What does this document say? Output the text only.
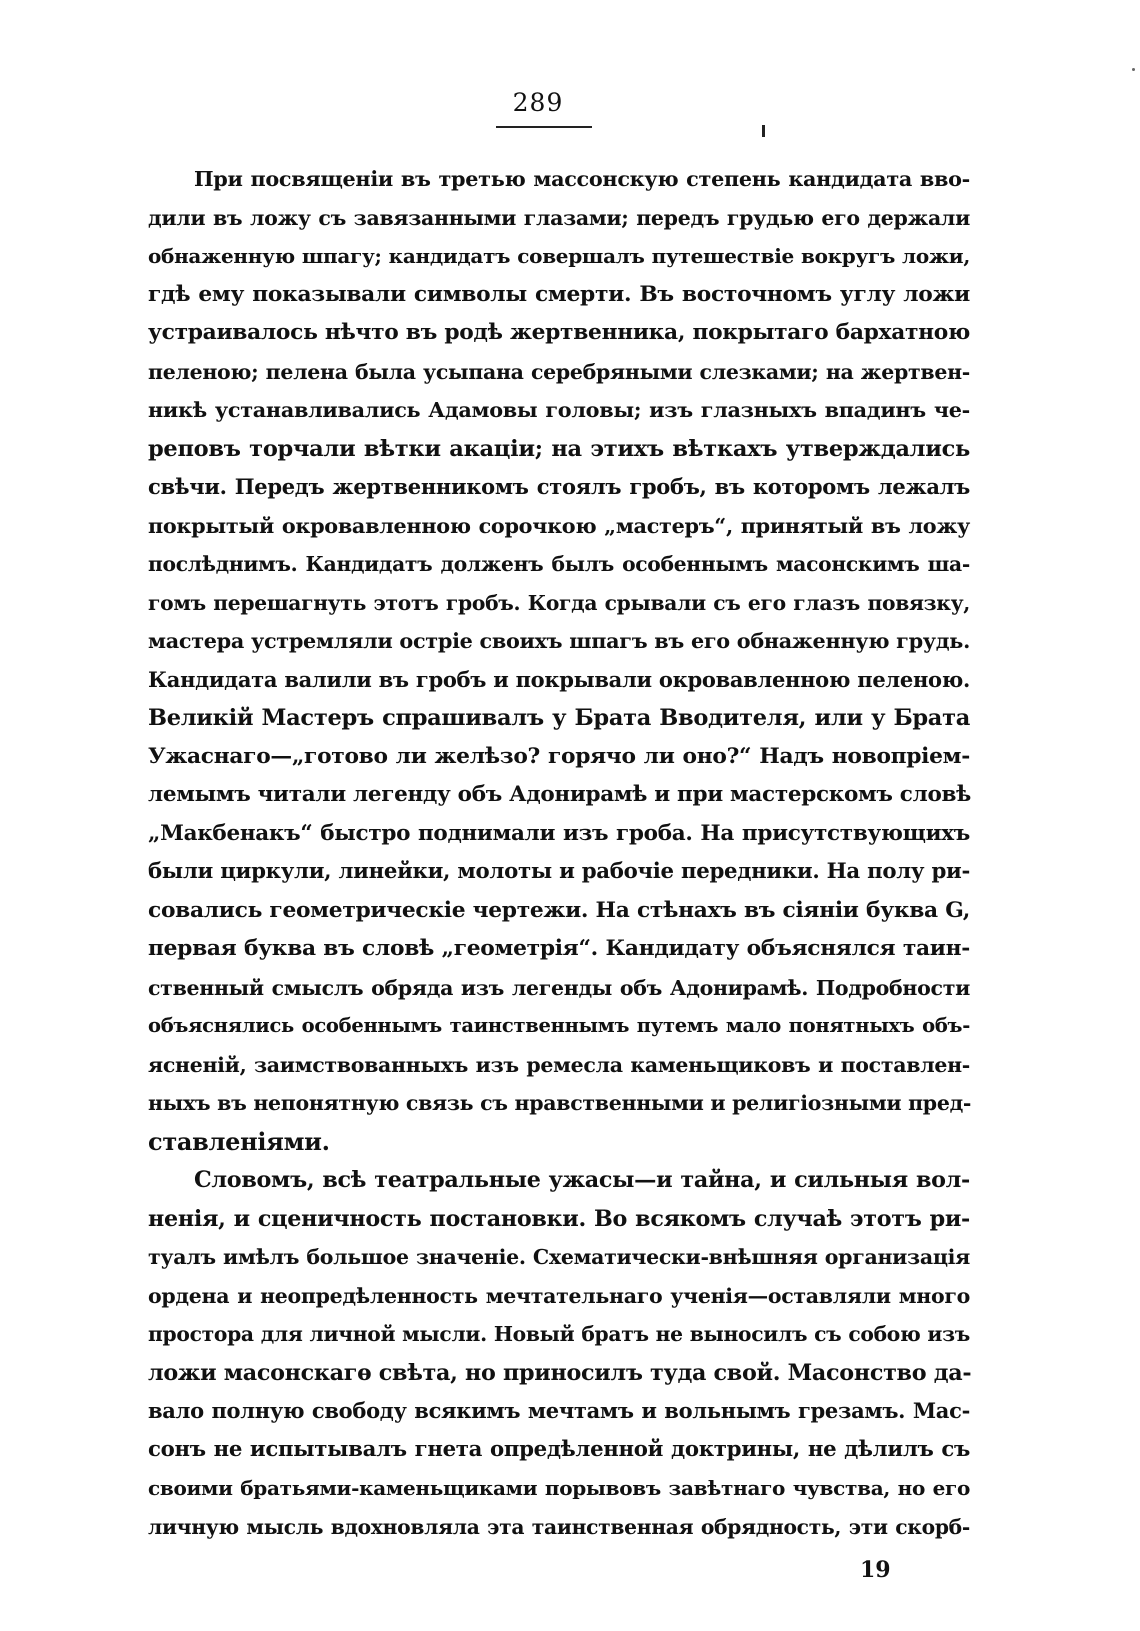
289
При посвященіи въ третью массонскую степень кандидата вво-
дили въ ложу съ завязанными глазами; передъ грудью его держали
обнаженную шпагу; кандидатъ совершалъ путешествіе вокругъ ложи,
гдѣ ему показывали символы смерти. Въ восточномъ углу ложи
устраивалось нѣчто въ родѣ жертвенника, покрытаго бархатною
пеленою; пелена была усыпана серебряными слезками; на жертвен-
никѣ устанавливались Адамовы головы; изъ глазныхъ впадинъ че-
реповъ торчали вѣтки акаціи; на этихъ вѣткахъ утверждались
свѣчи. Передъ жертвенникомъ стоялъ гробъ, въ которомъ лежалъ
покрытый окровавленною сорочкою „мастеръ“, принятый въ ложу
послѣднимъ. Кандидатъ долженъ былъ особеннымъ масонскимъ ша-
гомъ перешагнуть этотъ гробъ. Когда срывали съ его глазъ повязку,
мастера устремляли остріе своихъ шпагъ въ его обнаженную грудь.
Кандидата валили въ гробъ и покрывали окровавленною пеленою.
Великій Мастеръ спрашивалъ у Брата Вводителя, или у Брата
Ужаснаго—„готово ли желѣзо? горячо ли оно?“ Надъ новопріем-
лемымъ читали легенду объ Адонирамѣ и при мастерскомъ словѣ
„Макбенакъ“ быстро поднимали изъ гроба. На присутствующихъ
были циркули, линейки, молоты и рабочіе передники. На полу ри-
совались геометрическіе чертежи. На стѣнахъ въ сіяніи буква G,
первая буква въ словѣ „геометрія“. Кандидату объяснялся таин-
ственный смыслъ обряда изъ легенды объ Адонирамѣ. Подробности
объяснялись особеннымъ таинственнымъ путемъ мало понятныхъ объ-
ясненій, заимствованныхъ изъ ремесла каменьщиковъ и поставлен-
ныхъ въ непонятную связь съ нравственными и религіозными пред-
ставленіями.
Словомъ, всѣ театральные ужасы—и тайна, и сильныя вол-
ненія, и сценичность постановки. Во всякомъ случаѣ этотъ ри-
туалъ имѣлъ большое значеніе. Схематически-внѣшняя организація
ордена и неопредѣленность мечтательнаго ученія—оставляли много
простора для личной мысли. Новый братъ не выносилъ съ собою изъ
ложи масонскагѳ свѣта, но приносилъ туда свой. Масонство да-
вало полную свободу всякимъ мечтамъ и вольнымъ грезамъ. Мас-
сонъ не испытывалъ гнета опредѣленной доктрины, не дѣлилъ съ
своими братьями-каменьщиками порывовъ завѣтнаго чувства, но его
личную мысль вдохновляла эта таинственная обрядность, эти скорб-
19
